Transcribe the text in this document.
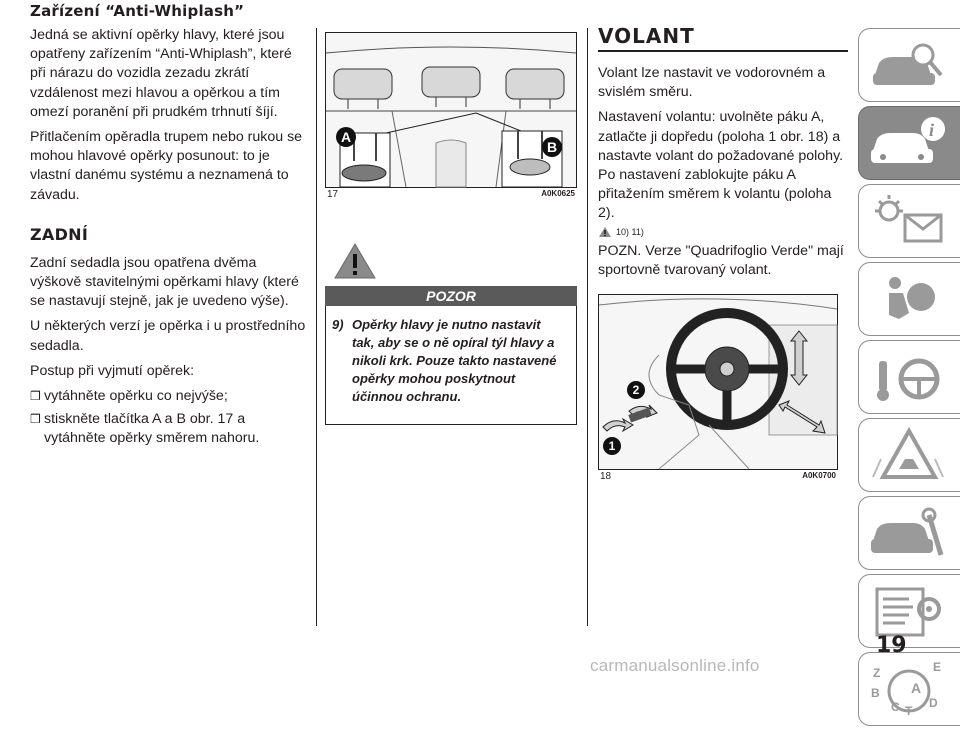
Zařízení “Anti-Whiplash”

Jedná se aktivní opěrky hlavy, které jsou opatřeny zařízením “Anti-Whiplash”, které při nárazu do vozidla zezadu zkrátí vzdálenost mezi hlavou a opěrkou a tím omezí poranění při prudkém trhnutí šíjí.

Přitlačením opěradla trupem nebo rukou se mohou hlavové opěrky posunout: to je vlastní danému systému a neznamená to závadu.

ZADNÍ

Zadní sedadla jsou opatřena dvěma výškově stavitelnými opěrkami hlavy (které se nastavují stejně, jak je uvedeno výše).

U některých verzí je opěrka i u prostředního sedadla.

Postup při vyjmutí opěrek:

❒ vytáhněte opěrku co nejvýše;
❒ stiskněte tlačítka A a B obr. 17 a vytáhněte opěrky směrem nahoru.
A
B
17	A0K0625
POZOR
9) Opěrky hlavy je nutno nastavit tak, aby se o ně opíral týl hlavy a nikoli krk. Pouze takto nastavené opěrky mohou poskytnout účinnou ochranu.
VOLANT

Volant lze nastavit ve vodorovném a svislém směru.

Nastavení volantu: uvolněte páku A, zatlačte ji dopředu (poloha 1 obr. 18) a nastavte volant do požadované polohy. Po nastavení zablokujte páku A přitažením směrem k volantu (poloha 2).

10) 11)

POZN. Verze "Quadrifoglio Verde" mají sportovně tvarovaný volant.

2
1
18	A0K0700
i
Z	E
A
B
D
C T
19
carmanualsonline.info
